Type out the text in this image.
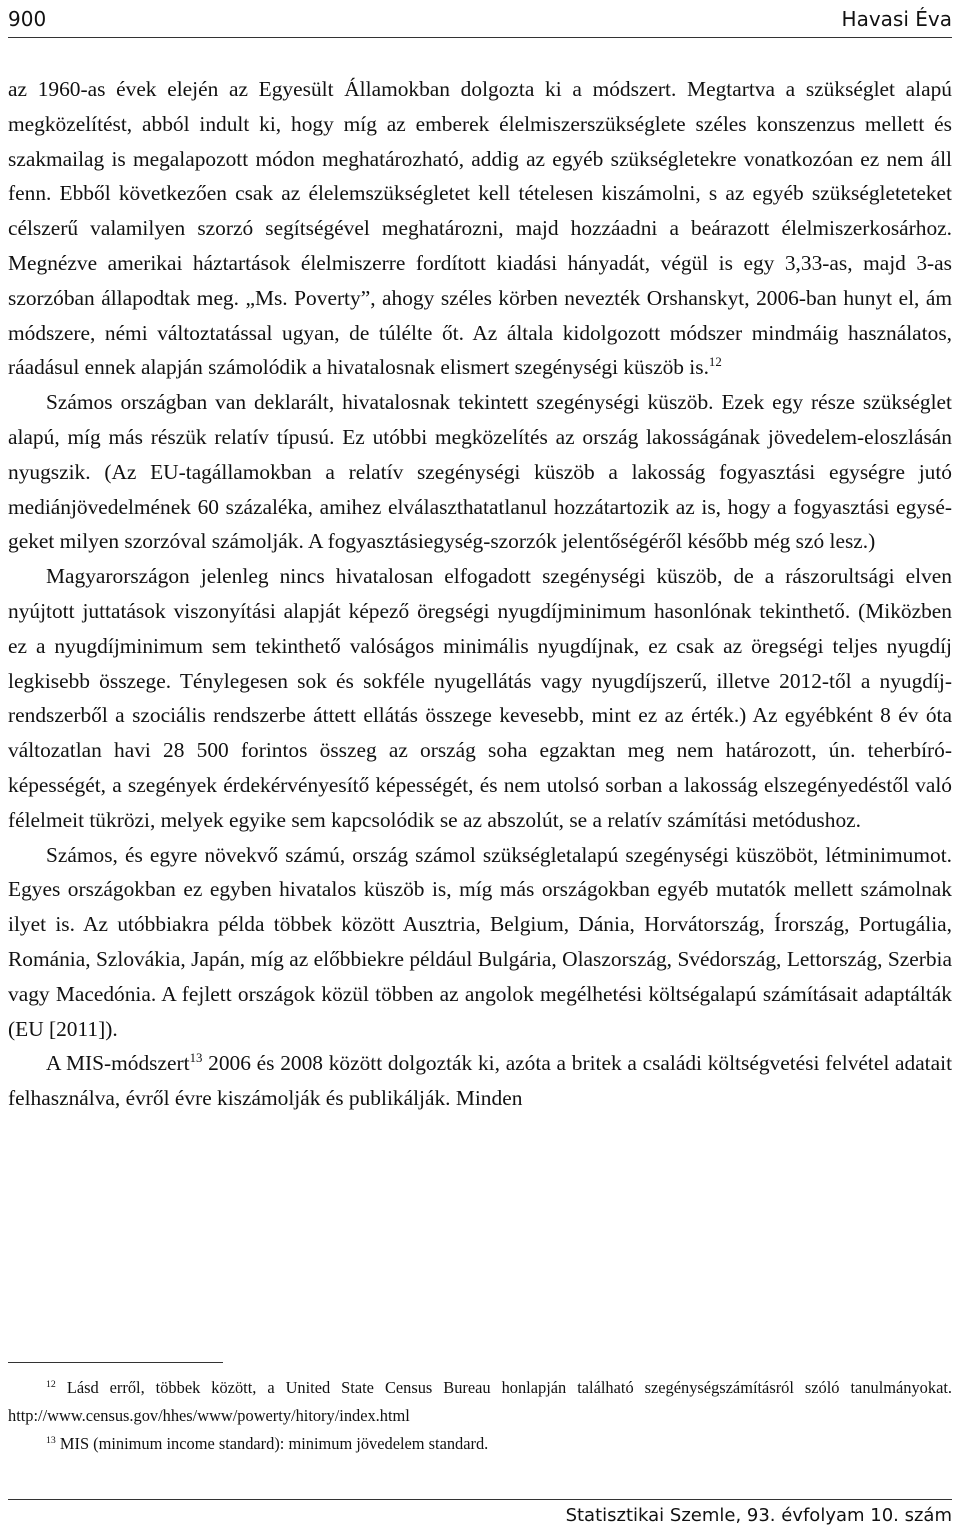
900	Havasi Éva

az 1960-as évek elején az Egyesült Államokban dolgozta ki a módszert. Megtartva a szükséglet alapú megközelítést, abból indult ki, hogy míg az emberek élelmiszerszükséglete széles konszenzus mellett és szakmailag is megalapozott módon meghatározható, addig az egyéb szükségletekre vonatkozóan ez nem áll fenn. Ebből következően csak az élelemszükségletet kell tételesen kiszámolni, s az egyéb szükségleteteket célszerű valamilyen szorzó segítségével meghatározni, majd hozzáadni a beárazott élelmiszerkosárhoz. Megnézve amerikai háztartások élelmiszerre fordított kiadási hányadát, végül is egy 3,33-as, majd 3-as szorzóban állapodtak meg. „Ms. Poverty”, ahogy széles körben nevezték Orshanskyt, 2006-ban hunyt el, ám módszere, némi változtatással ugyan, de túlélte őt. Az általa kidolgozott módszer mindmáig használatos, ráadásul ennek alapján számolódik a hivatalosnak elismert szegénységi küszöb is.$^{12}$

Számos országban van deklarált, hivatalosnak tekintett szegénységi küszöb. Ezek egy része szükséglet alapú, míg más részük relatív típusú. Ez utóbbi megközelítés az ország lakosságának jövedelem-eloszlásán nyugszik. (Az EU-tagállamokban a relatív szegénységi küszöb a lakosság fogyasztási egységre jutó mediánjövedelmének 60 százaléka, amihez elválaszthatatlanul hozzátartozik az is, hogy a fogyasztási egységeket milyen szorzóval számolják. A fogyasztásiegység-szorzók jelentőségéről később még szó lesz.)

Magyarországon jelenleg nincs hivatalosan elfogadott szegénységi küszöb, de a rászorultsági elven nyújtott juttatások viszonyítási alapját képező öregségi nyugdíjminimum hasonlónak tekinthető. (Miközben ez a nyugdíjminimum sem tekinthető valóságos minimális nyugdíjnak, ez csak az öregségi teljes nyugdíj legkisebb összege. Ténylegesen sok és sokféle nyugellátás vagy nyugdíjszerű, illetve 2012-től a nyugdíjrendszerből a szociális rendszerbe áttett ellátás összege kevesebb, mint ez az érték.) Az egyébként 8 év óta változatlan havi 28 500 forintos összeg az ország soha egzaktan meg nem határozott, ún. teherbíró-képességét, a szegények érdekérvényesítő képességét, és nem utolsó sorban a lakosság elszegényedéstől való félelmeit tükrözi, melyek egyike sem kapcsolódik se az abszolút, se a relatív számítási metódushoz.

Számos, és egyre növekvő számú, ország számol szükségletalapú szegénységi küszöböt, létminimumot. Egyes országokban ez egyben hivatalos küszöb is, míg más országokban egyéb mutatók mellett számolnak ilyet is. Az utóbbiakra példa többek között Ausztria, Belgium, Dánia, Horvátország, Írország, Portugália, Románia, Szlovákia, Japán, míg az előbbiekre például Bulgária, Olaszország, Svédország, Lettország, Szerbia vagy Macedónia. A fejlett országok közül többen az angolok megélhetési költségalapú számításait adaptálták (EU [2011]).

A MIS-módszert$^{13}$ 2006 és 2008 között dolgozták ki, azóta a britek a családi költségvetési felvétel adatait felhasználva, évről évre kiszámolják és publikálják. Minden

$^{12}$ Lásd erről, többek között, a United State Census Bureau honlapján található szegénységszámításról szóló tanulmányokat. http://www.census.gov/hhes/www/powerty/hitory/index.html

$^{13}$ MIS (minimum income standard): minimum jövedelem standard.

Statisztikai Szemle, 93. évfolyam 10. szám
